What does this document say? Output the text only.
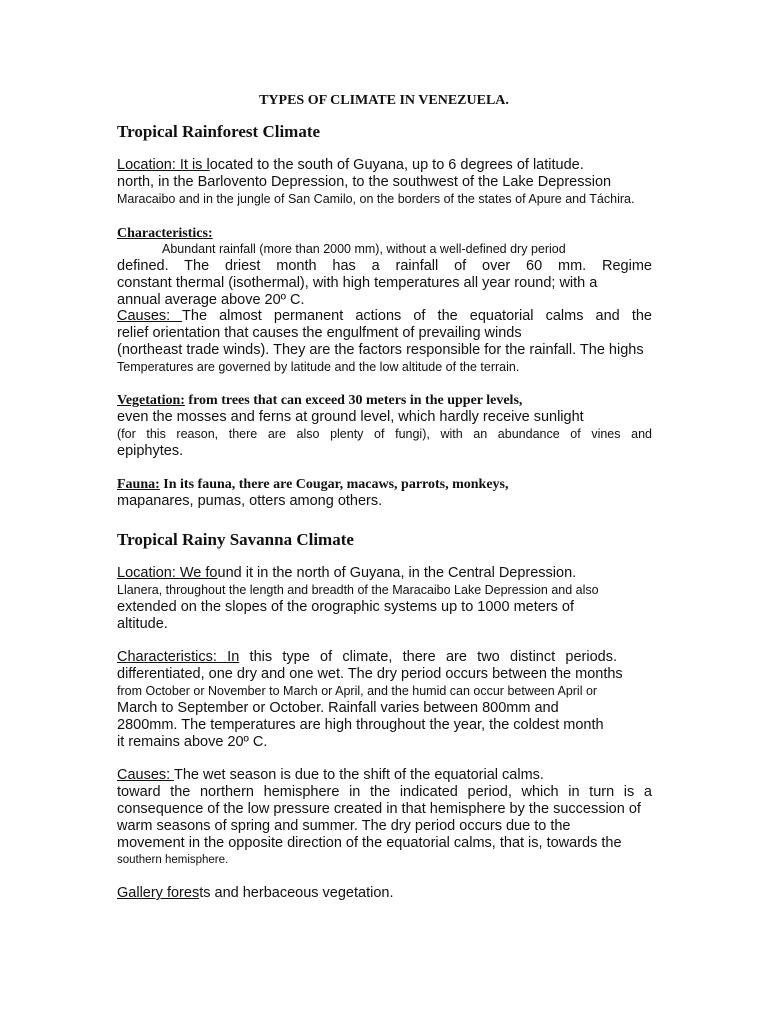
TYPES OF CLIMATE IN VENEZUELA.
Tropical Rainforest Climate
Location: It is located to the south of Guyana, up to 6 degrees of latitude.
north, in the Barlovento Depression, to the southwest of the Lake Depression
Maracaibo and in the jungle of San Camilo, on the borders of the states of Apure and Táchira.
Characteristics:
Abundant rainfall (more than 2000 mm), without a well-defined dry period
defined. The driest month has a rainfall of over 60 mm. Regime
constant thermal (isothermal), with high temperatures all year round; with a
annual average above 20º C.
Causes: The almost permanent actions of the equatorial calms and the
relief orientation that causes the engulfment of prevailing winds
(northeast trade winds). They are the factors responsible for the rainfall. The highs
Temperatures are governed by latitude and the low altitude of the terrain.
Vegetation: from trees that can exceed 30 meters in the upper levels,
even the mosses and ferns at ground level, which hardly receive sunlight
(for this reason, there are also plenty of fungi), with an abundance of vines and
epiphytes.
Fauna: In its fauna, there are Cougar, macaws, parrots, monkeys,
mapanares, pumas, otters among others.
Tropical Rainy Savanna Climate
Location: We found it in the north of Guyana, in the Central Depression.
Llanera, throughout the length and breadth of the Maracaibo Lake Depression and also
extended on the slopes of the orographic systems up to 1000 meters of
altitude.
Characteristics: In this type of climate, there are two distinct periods.
differentiated, one dry and one wet. The dry period occurs between the months
from October or November to March or April, and the humid can occur between April or
March to September or October. Rainfall varies between 800mm and
2800mm. The temperatures are high throughout the year, the coldest month
it remains above 20º C.
Causes: The wet season is due to the shift of the equatorial calms.
toward the northern hemisphere in the indicated period, which in turn is a
consequence of the low pressure created in that hemisphere by the succession of
warm seasons of spring and summer. The dry period occurs due to the
movement in the opposite direction of the equatorial calms, that is, towards the
southern hemisphere.
Gallery forests and herbaceous vegetation.
